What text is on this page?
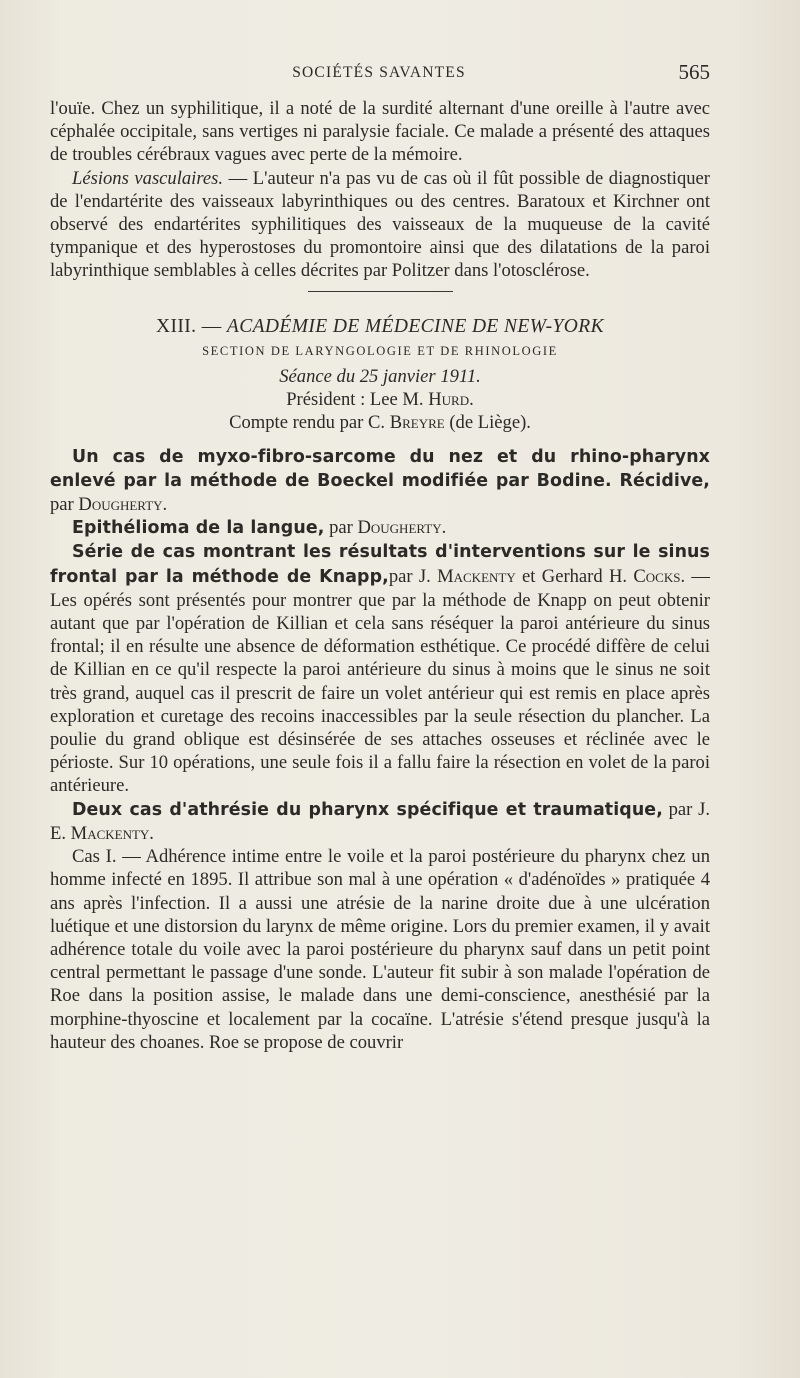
SOCIÉTÉS SAVANTES	565

l'ouïe. Chez un syphilitique, il a noté de la surdité alternant d'une oreille à l'autre avec céphalée occipitale, sans vertiges ni paralysie faciale. Ce malade a présenté des attaques de troubles cérébraux vagues avec perte de la mémoire.

Lésions vasculaires. — L'auteur n'a pas vu de cas où il fût possible de diagnostiquer de l'endartérite des vaisseaux labyrinthiques ou des centres. Baratoux et Kirchner ont observé des endartérites syphilitiques des vaisseaux de la muqueuse de la cavité tympanique et des hyperostoses du promontoire ainsi que des dilatations de la paroi labyrinthique semblables à celles décrites par Politzer dans l'otosclérose.

XIII. — ACADÉMIE DE MÉDECINE DE NEW-YORK
SECTION DE LARYNGOLOGIE ET DE RHINOLOGIE
Séance du 25 janvier 1911.
Président : Lee M. Hurd.
Compte rendu par C. Breyre (de Liège).

Un cas de myxo-fibro-sarcome du nez et du rhino-pharynx enlevé par la méthode de Boeckel modifiée par Bodine. Récidive, par Dougherty.

Epithélioma de la langue, par Dougherty.

Série de cas montrant les résultats d'interventions sur le sinus frontal par la méthode de Knapp,par J. Mackenty et Gerhard H. Cocks. — Les opérés sont présentés pour montrer que par la méthode de Knapp on peut obtenir autant que par l'opération de Killian et cela sans réséquer la paroi antérieure du sinus frontal; il en résulte une absence de déformation esthétique. Ce procédé diffère de celui de Killian en ce qu'il respecte la paroi antérieure du sinus à moins que le sinus ne soit très grand, auquel cas il prescrit de faire un volet antérieur qui est remis en place après exploration et curetage des recoins inaccessibles par la seule résection du plancher. La poulie du grand oblique est désinsérée de ses attaches osseuses et réclinée avec le périoste. Sur 10 opérations, une seule fois il a fallu faire la résection en volet de la paroi antérieure.

Deux cas d'athrésie du pharynx spécifique et traumatique, par J. E. Mackenty.

Cas I. — Adhérence intime entre le voile et la paroi postérieure du pharynx chez un homme infecté en 1895. Il attribue son mal à une opération « d'adénoïdes » pratiquée 4 ans après l'infection. Il a aussi une atrésie de la narine droite due à une ulcération luétique et une distorsion du larynx de même origine. Lors du premier examen, il y avait adhérence totale du voile avec la paroi postérieure du pharynx sauf dans un petit point central permettant le passage d'une sonde. L'auteur fit subir à son malade l'opération de Roe dans la position assise, le malade dans une demi-conscience, anesthésié par la morphine-thyoscine et localement par la cocaïne. L'atrésie s'étend presque jusqu'à la hauteur des choanes. Roe se propose de couvrir
